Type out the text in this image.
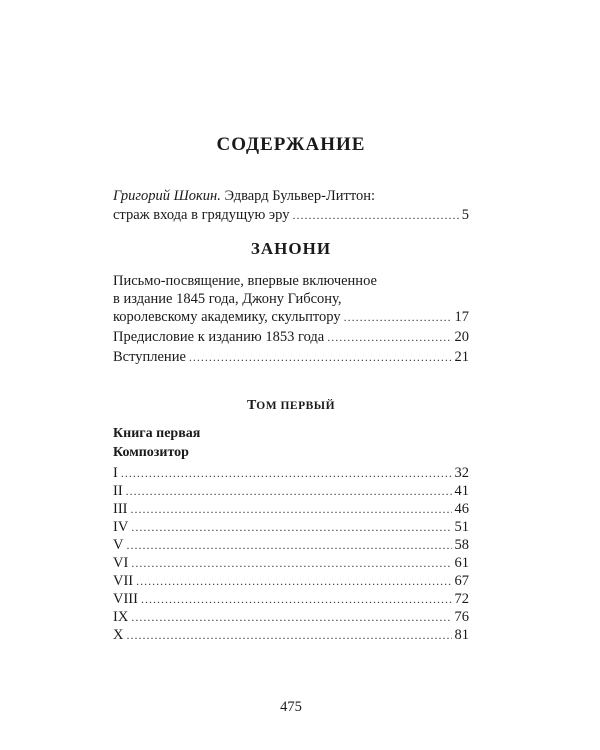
СОДЕРЖАНИЕ
Григорий Шокин. Эдвард Бульвер-Литтон:
страж входа в грядущую эру .....	5
ЗАНОНИ
Письмо-посвящение, впервые включенное
в издание 1845 года, Джону Гибсону,
королевскому академику, скульптору .....	17
Предисловие к изданию 1853 года .....	20
Вступление .....	21
ТОМ ПЕРВЫЙ
Книга первая
Композитор
I .....	32
II .....	41
III .....	46
IV .....	51
V .....	58
VI .....	61
VII .....	67
VIII .....	72
IX .....	76
X .....	81
475
